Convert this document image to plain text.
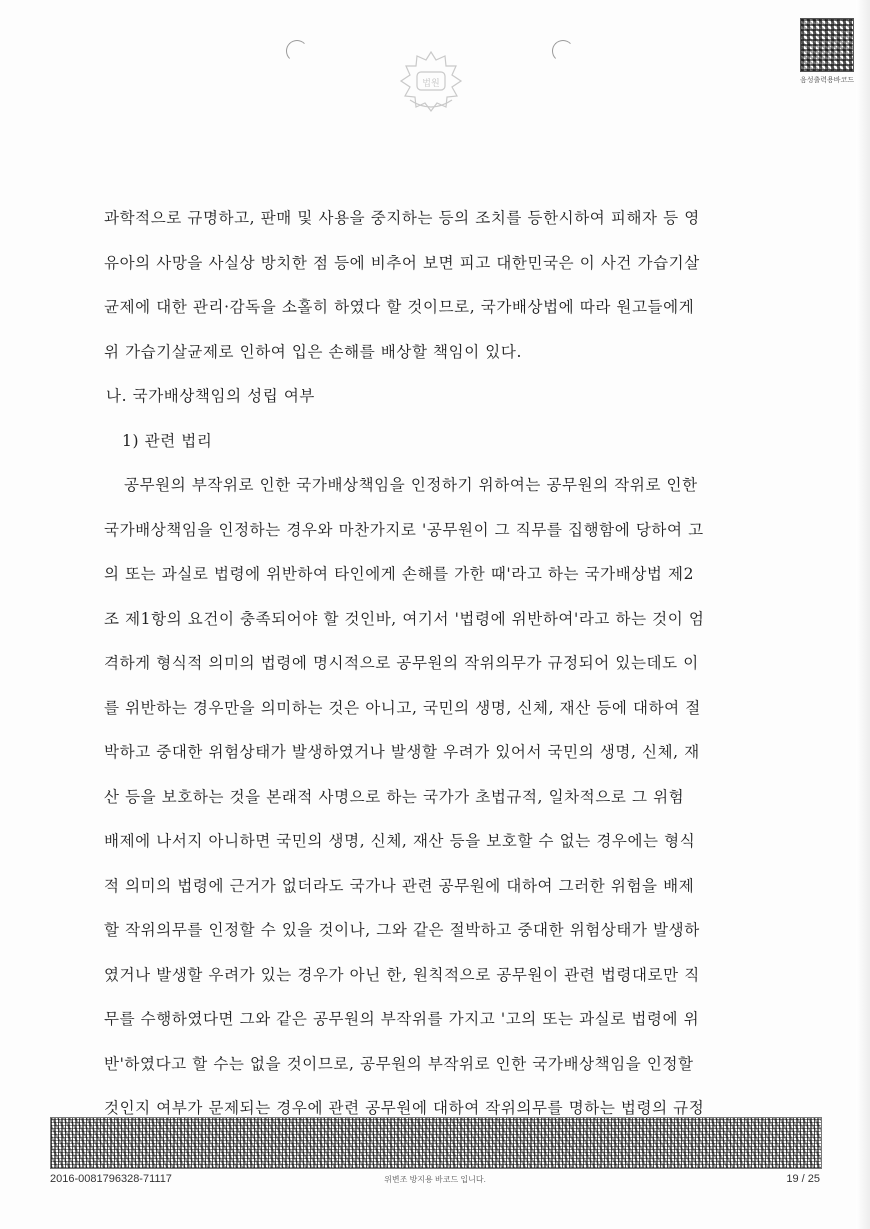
음성출력용바코드
법원
과학적으로 규명하고, 판매 및 사용을 중지하는 등의 조치를 등한시하여 피해자 등 영
유아의 사망을 사실상 방치한 점 등에 비추어 보면 피고 대한민국은 이 사건 가습기살
균제에 대한 관리·감독을 소홀히 하였다 할 것이므로, 국가배상법에 따라 원고들에게
위 가습기살균제로 인하여 입은 손해를 배상할 책임이 있다.
나. 국가배상책임의 성립 여부
1) 관련 법리
공무원의 부작위로 인한 국가배상책임을 인정하기 위하여는 공무원의 작위로 인한
국가배상책임을 인정하는 경우와 마찬가지로 '공무원이 그 직무를 집행함에 당하여 고
의 또는 과실로 법령에 위반하여 타인에게 손해를 가한 때'라고 하는 국가배상법 제2
조 제1항의 요건이 충족되어야 할 것인바, 여기서 '법령에 위반하여'라고 하는 것이 엄
격하게 형식적 의미의 법령에 명시적으로 공무원의 작위의무가 규정되어 있는데도 이
를 위반하는 경우만을 의미하는 것은 아니고, 국민의 생명, 신체, 재산 등에 대하여 절
박하고 중대한 위험상태가 발생하였거나 발생할 우려가 있어서 국민의 생명, 신체, 재
산 등을 보호하는 것을 본래적 사명으로 하는 국가가 초법규적, 일차적으로 그 위험
배제에 나서지 아니하면 국민의 생명, 신체, 재산 등을 보호할 수 없는 경우에는 형식
적 의미의 법령에 근거가 없더라도 국가나 관련 공무원에 대하여 그러한 위험을 배제
할 작위의무를 인정할 수 있을 것이나, 그와 같은 절박하고 중대한 위험상태가 발생하
였거나 발생할 우려가 있는 경우가 아닌 한, 원칙적으로 공무원이 관련 법령대로만 직
무를 수행하였다면 그와 같은 공무원의 부작위를 가지고 '고의 또는 과실로 법령에 위
반'하였다고 할 수는 없을 것이므로, 공무원의 부작위로 인한 국가배상책임을 인정할
것인지 여부가 문제되는 경우에 관련 공무원에 대하여 작위의무를 명하는 법령의 규정
2016-0081796328-71117	위변조 방지용 바코드 입니다.	19 / 25
